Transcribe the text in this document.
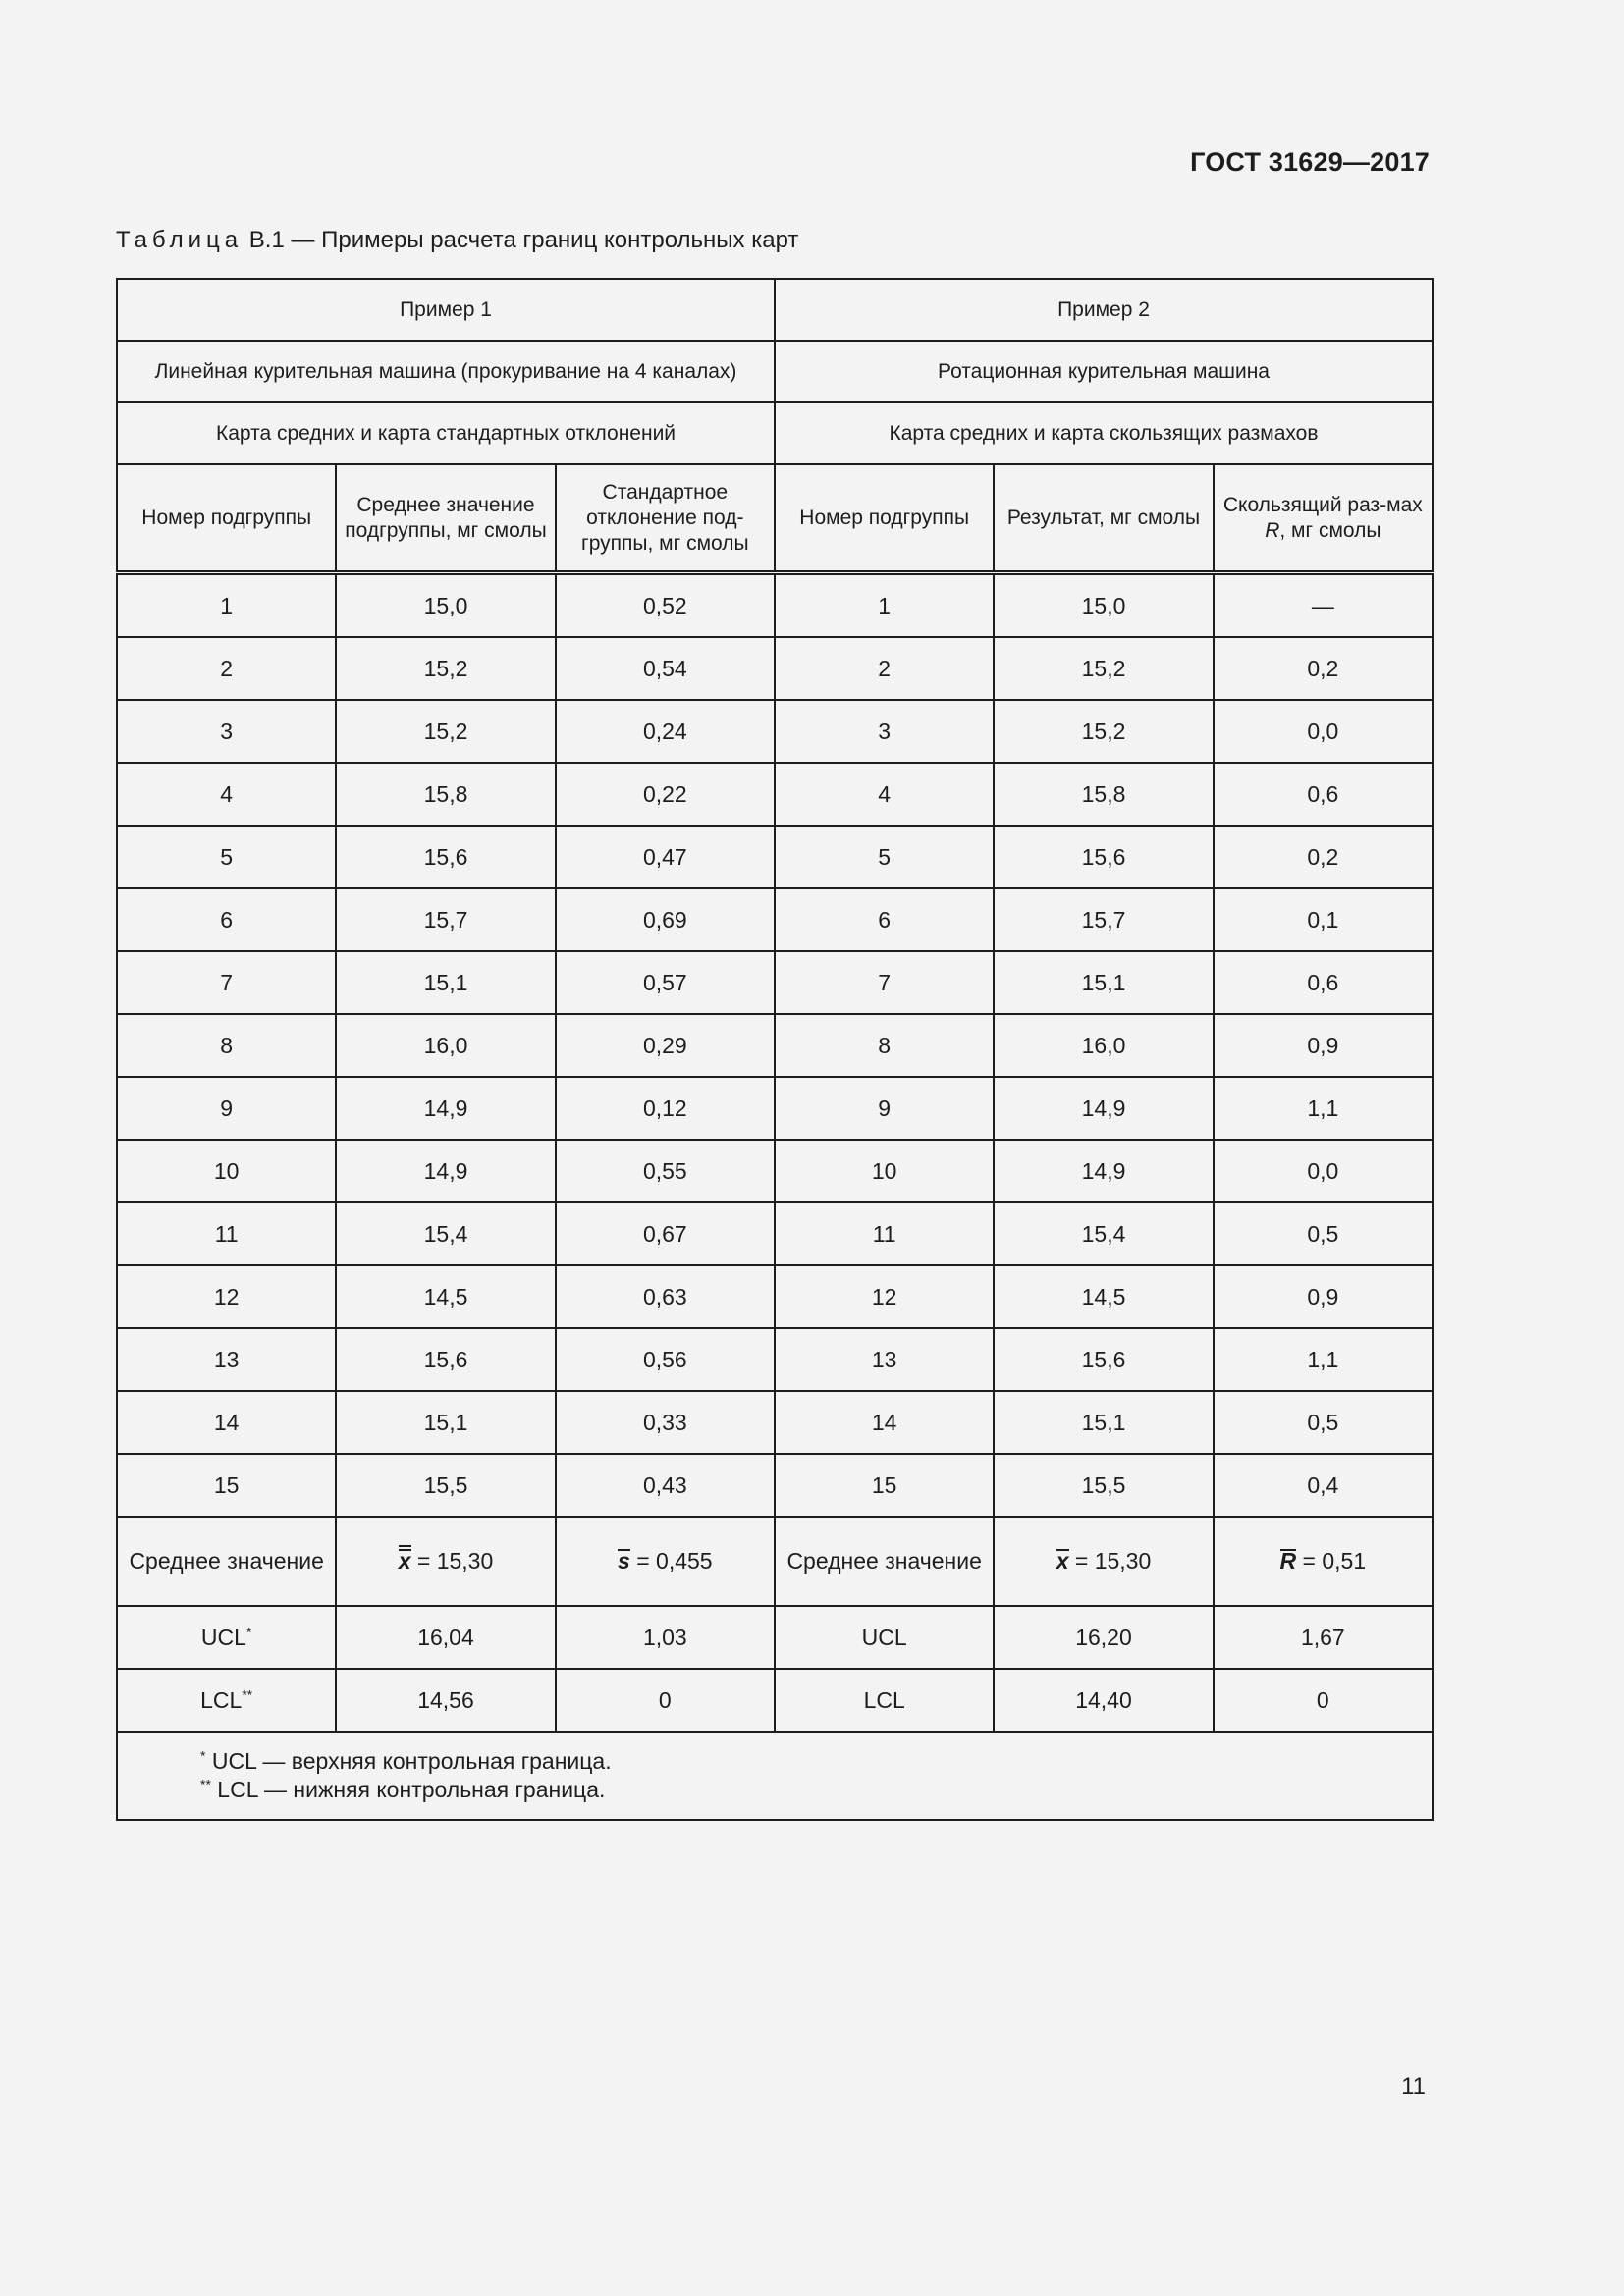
ГОСТ 31629—2017
Таблица В.1 — Примеры расчета границ контрольных карт
Пример 1			Пример 2		
Линейная курительная машина (прокуривание на 4 каналах)			Ротационная курительная машина		
Карта средних и карта стандартных отклонений			Карта средних и карта скользящих размахов		
Номер подгруппы	Среднее значение подгруппы, мг смолы	Стандартное отклонение под-группы, мг смолы	Номер подгруппы	Результат, мг смолы	Скользящий раз-мах R, мг смолы
1	15,0	0,52	1	15,0	—
2	15,2	0,54	2	15,2	0,2
3	15,2	0,24	3	15,2	0,0
4	15,8	0,22	4	15,8	0,6
5	15,6	0,47	5	15,6	0,2
6	15,7	0,69	6	15,7	0,1
7	15,1	0,57	7	15,1	0,6
8	16,0	0,29	8	16,0	0,9
9	14,9	0,12	9	14,9	1,1
10	14,9	0,55	10	14,9	0,0
11	15,4	0,67	11	15,4	0,5
12	14,5	0,63	12	14,5	0,9
13	15,6	0,56	13	15,6	1,1
14	15,1	0,33	14	15,1	0,5
15	15,5	0,43	15	15,5	0,4
Среднее значение	x = 15,30	s = 0,455	Среднее значение	x = 15,30	R = 0,51
UCL*	16,04	1,03	UCL	16,20	1,67
LCL**	14,56	0	LCL	14,40	0

* UCL — верхняя контрольная граница.
** LCL — нижняя контрольная граница.					
11
